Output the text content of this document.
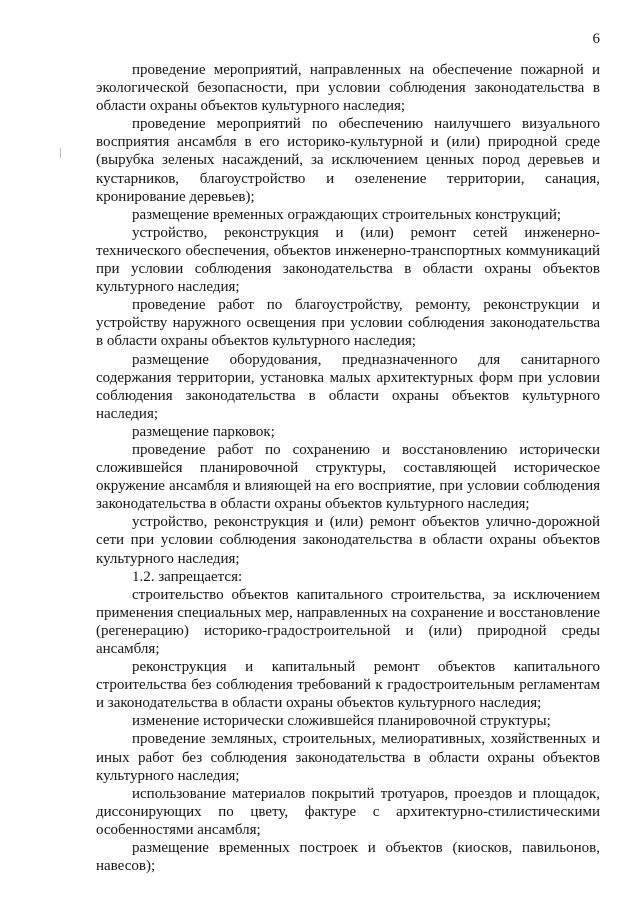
6

проведение мероприятий, направленных на обеспечение пожарной и экологической безопасности, при условии соблюдения законодательства в области охраны объектов культурного наследия;

проведение мероприятий по обеспечению наилучшего визуального восприятия ансамбля в его историко-культурной и (или) природной среде (вырубка зеленых насаждений, за исключением ценных пород деревьев и кустарников, благоустройство и озеленение территории, санация, кронирование деревьев);

размещение временных ограждающих строительных конструкций;

устройство, реконструкция и (или) ремонт сетей инженерно-технического обеспечения, объектов инженерно-транспортных коммуникаций при условии соблюдения законодательства в области охраны объектов культурного наследия;

проведение работ по благоустройству, ремонту, реконструкции и устройству наружного освещения при условии соблюдения законодательства в области охраны объектов культурного наследия;

размещение оборудования, предназначенного для санитарного содержания территории, установка малых архитектурных форм при условии соблюдения законодательства в области охраны объектов культурного наследия;

размещение парковок;

проведение работ по сохранению и восстановлению исторически сложившейся планировочной структуры, составляющей историческое окружение ансамбля и влияющей на его восприятие, при условии соблюдения законодательства в области охраны объектов культурного наследия;

устройство, реконструкция и (или) ремонт объектов улично-дорожной сети при условии соблюдения законодательства в области охраны объектов культурного наследия;

1.2. запрещается:

строительство объектов капитального строительства, за исключением применения специальных мер, направленных на сохранение и восстановление (регенерацию) историко-градостроительной и (или) природной среды ансамбля;

реконструкция и капитальный ремонт объектов капитального строительства без соблюдения требований к градостроительным регламентам и законодательства в области охраны объектов культурного наследия;

изменение исторически сложившейся планировочной структуры;

проведение земляных, строительных, мелиоративных, хозяйственных и иных работ без соблюдения законодательства в области охраны объектов культурного наследия;

использование материалов покрытий тротуаров, проездов и площадок, диссонирующих по цвету, фактуре с архитектурно-стилистическими особенностями ансамбля;

размещение временных построек и объектов (киосков, павильонов, навесов);
